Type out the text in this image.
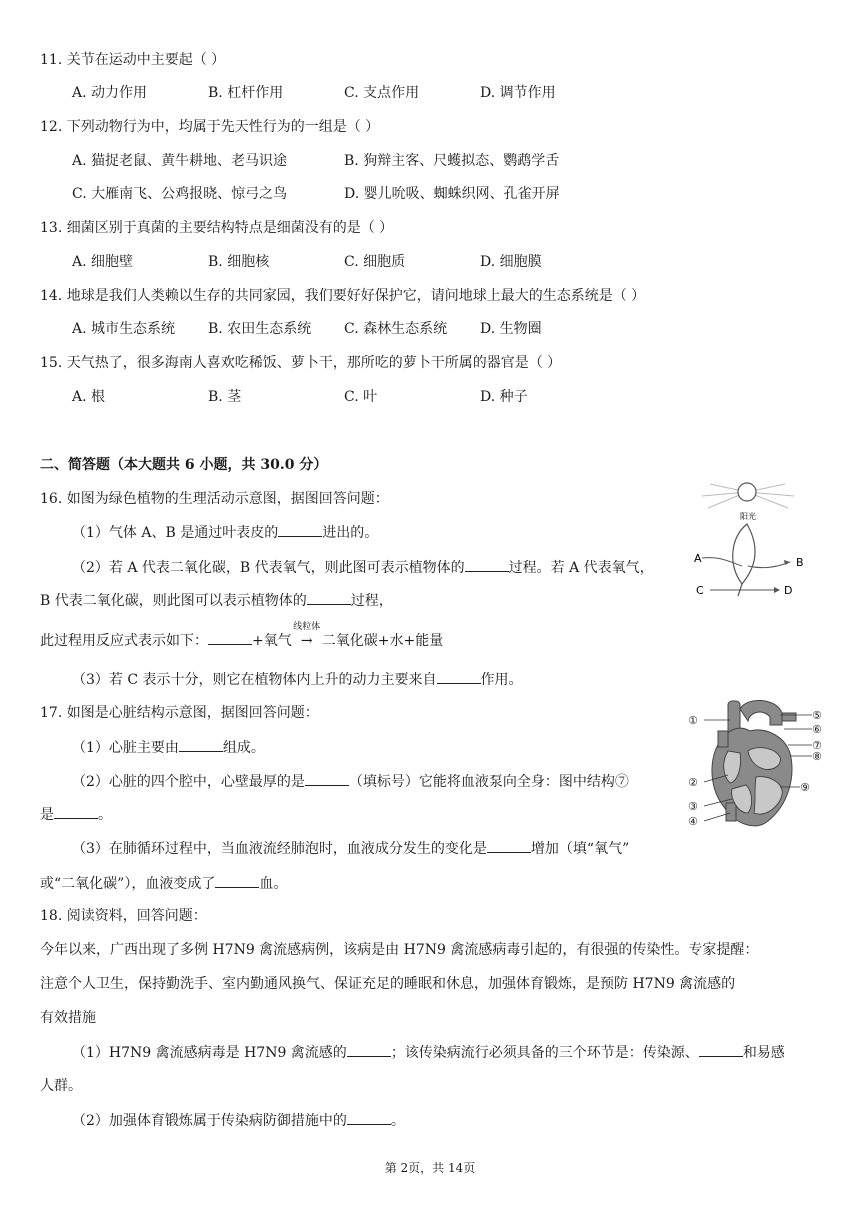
11. 关节在运动中主要起（ ）
A. 动力作用	B. 杠杆作用	C. 支点作用	D. 调节作用
12. 下列动物行为中，均属于先天性行为的一组是（ ）
A. 猫捉老鼠、黄牛耕地、老马识途	B. 狗辩主客、尺蠖拟态、鹦鹉学舌
C. 大雁南飞、公鸡报晓、惊弓之鸟	D. 婴儿吮吸、蜘蛛织网、孔雀开屏
13. 细菌区别于真菌的主要结构特点是细菌没有的是（ ）
A. 细胞壁	B. 细胞核	C. 细胞质	D. 细胞膜
14. 地球是我们人类赖以生存的共同家园，我们要好好保护它，请问地球上最大的生态系统是（ ）
A. 城市生态系统 B. 农田生态系统 C. 森林生态系统 D. 生物圈
15. 天气热了，很多海南人喜欢吃稀饭、萝卜干，那所吃的萝卜干所属的器官是（ ）
A. 根	B. 茎	C. 叶	D. 种子
二、简答题（本大题共 6 小题，共 30.0 分）
16. 如图为绿色植物的生理活动示意图，据图回答问题：
（1）气体 A、B 是通过叶表皮的	进出的。
（2）若 A 代表二氧化碳，B 代表氧气，则此图可表示植物体的	过程。若 A 代表氧气，
B 代表二氧化碳，则此图可以表示植物体的	过程，
此过程用反应式表示如下：	+氧气
线粒体
→ 二氧化碳+水+能量
（3）若 C 表示十分，则它在植物体内上升的动力主要来自	作用。
阳光
A	B
C	D
17. 如图是心脏结构示意图，据图回答问题：
（1）心脏主要由	组成。
（2）心脏的四个腔中，心壁最厚的是	（填标号）它能将血液泵向全身：图中结构⑦
是	。
（3）在肺循环过程中，当血液流经肺泡时，血液成分发生的变化是	增加（填“氧气”
或“二氧化碳”），血液变成了	血。
①
②
③
④
⑤
⑥
⑦
⑧
⑨
18. 阅读资料，回答问题：
今年以来，广西出现了多例 H7N9 禽流感病例，该病是由 H7N9 禽流感病毒引起的，有很强的传染性。专家提醒：
注意个人卫生，保持勤洗手、室内勤通风换气、保证充足的睡眠和休息，加强体育锻炼，是预防 H7N9 禽流感的
有效措施
（1）H7N9 禽流感病毒是 H7N9 禽流感的	；该传染病流行必须具备的三个环节是：传染源、	和易感
人群。
（2）加强体育锻炼属于传染病防御措施中的	。
第 2页，共 14页
